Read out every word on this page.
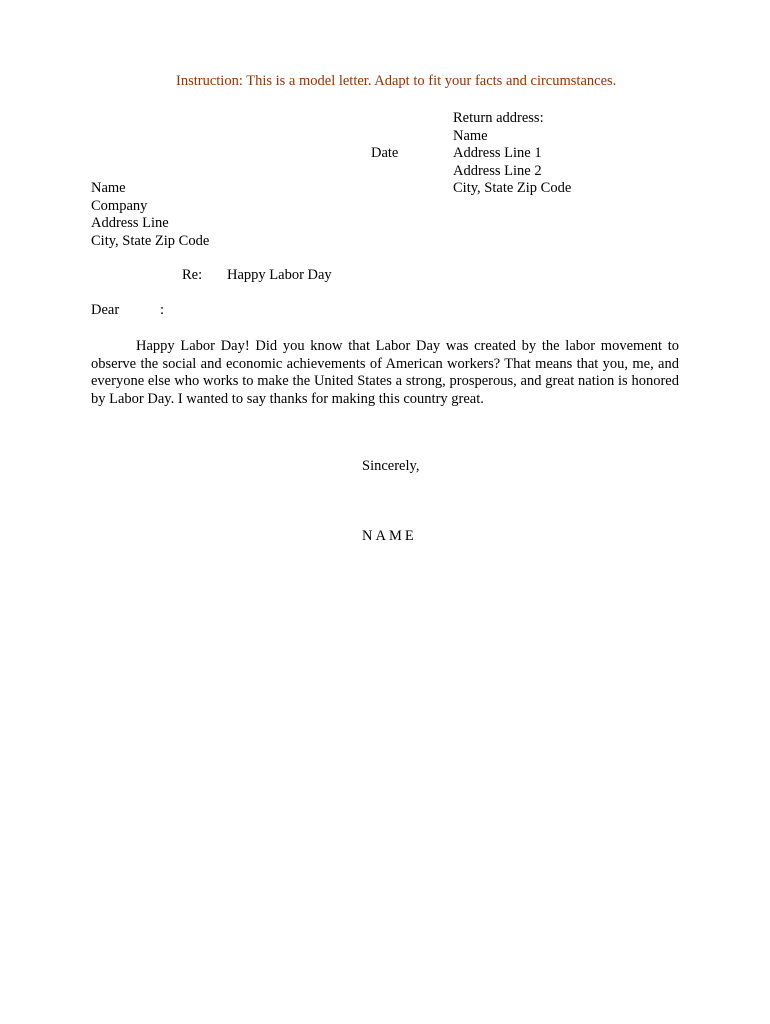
Instruction: This is a model letter. Adapt to fit your facts and circumstances.
Return address:
Name
Address Line 1
Address Line 2
City, State Zip Code
Date
Name
Company
Address Line
City, State Zip Code
Re: Happy Labor Day
Dear	:
Happy Labor Day! Did you know that Labor Day was created by the labor movement to observe the social and economic achievements of American workers? That means that you, me, and everyone else who works to make the United States a strong, prosperous, and great nation is honored by Labor Day. I wanted to say thanks for making this country great.
Sincerely,
NAME
